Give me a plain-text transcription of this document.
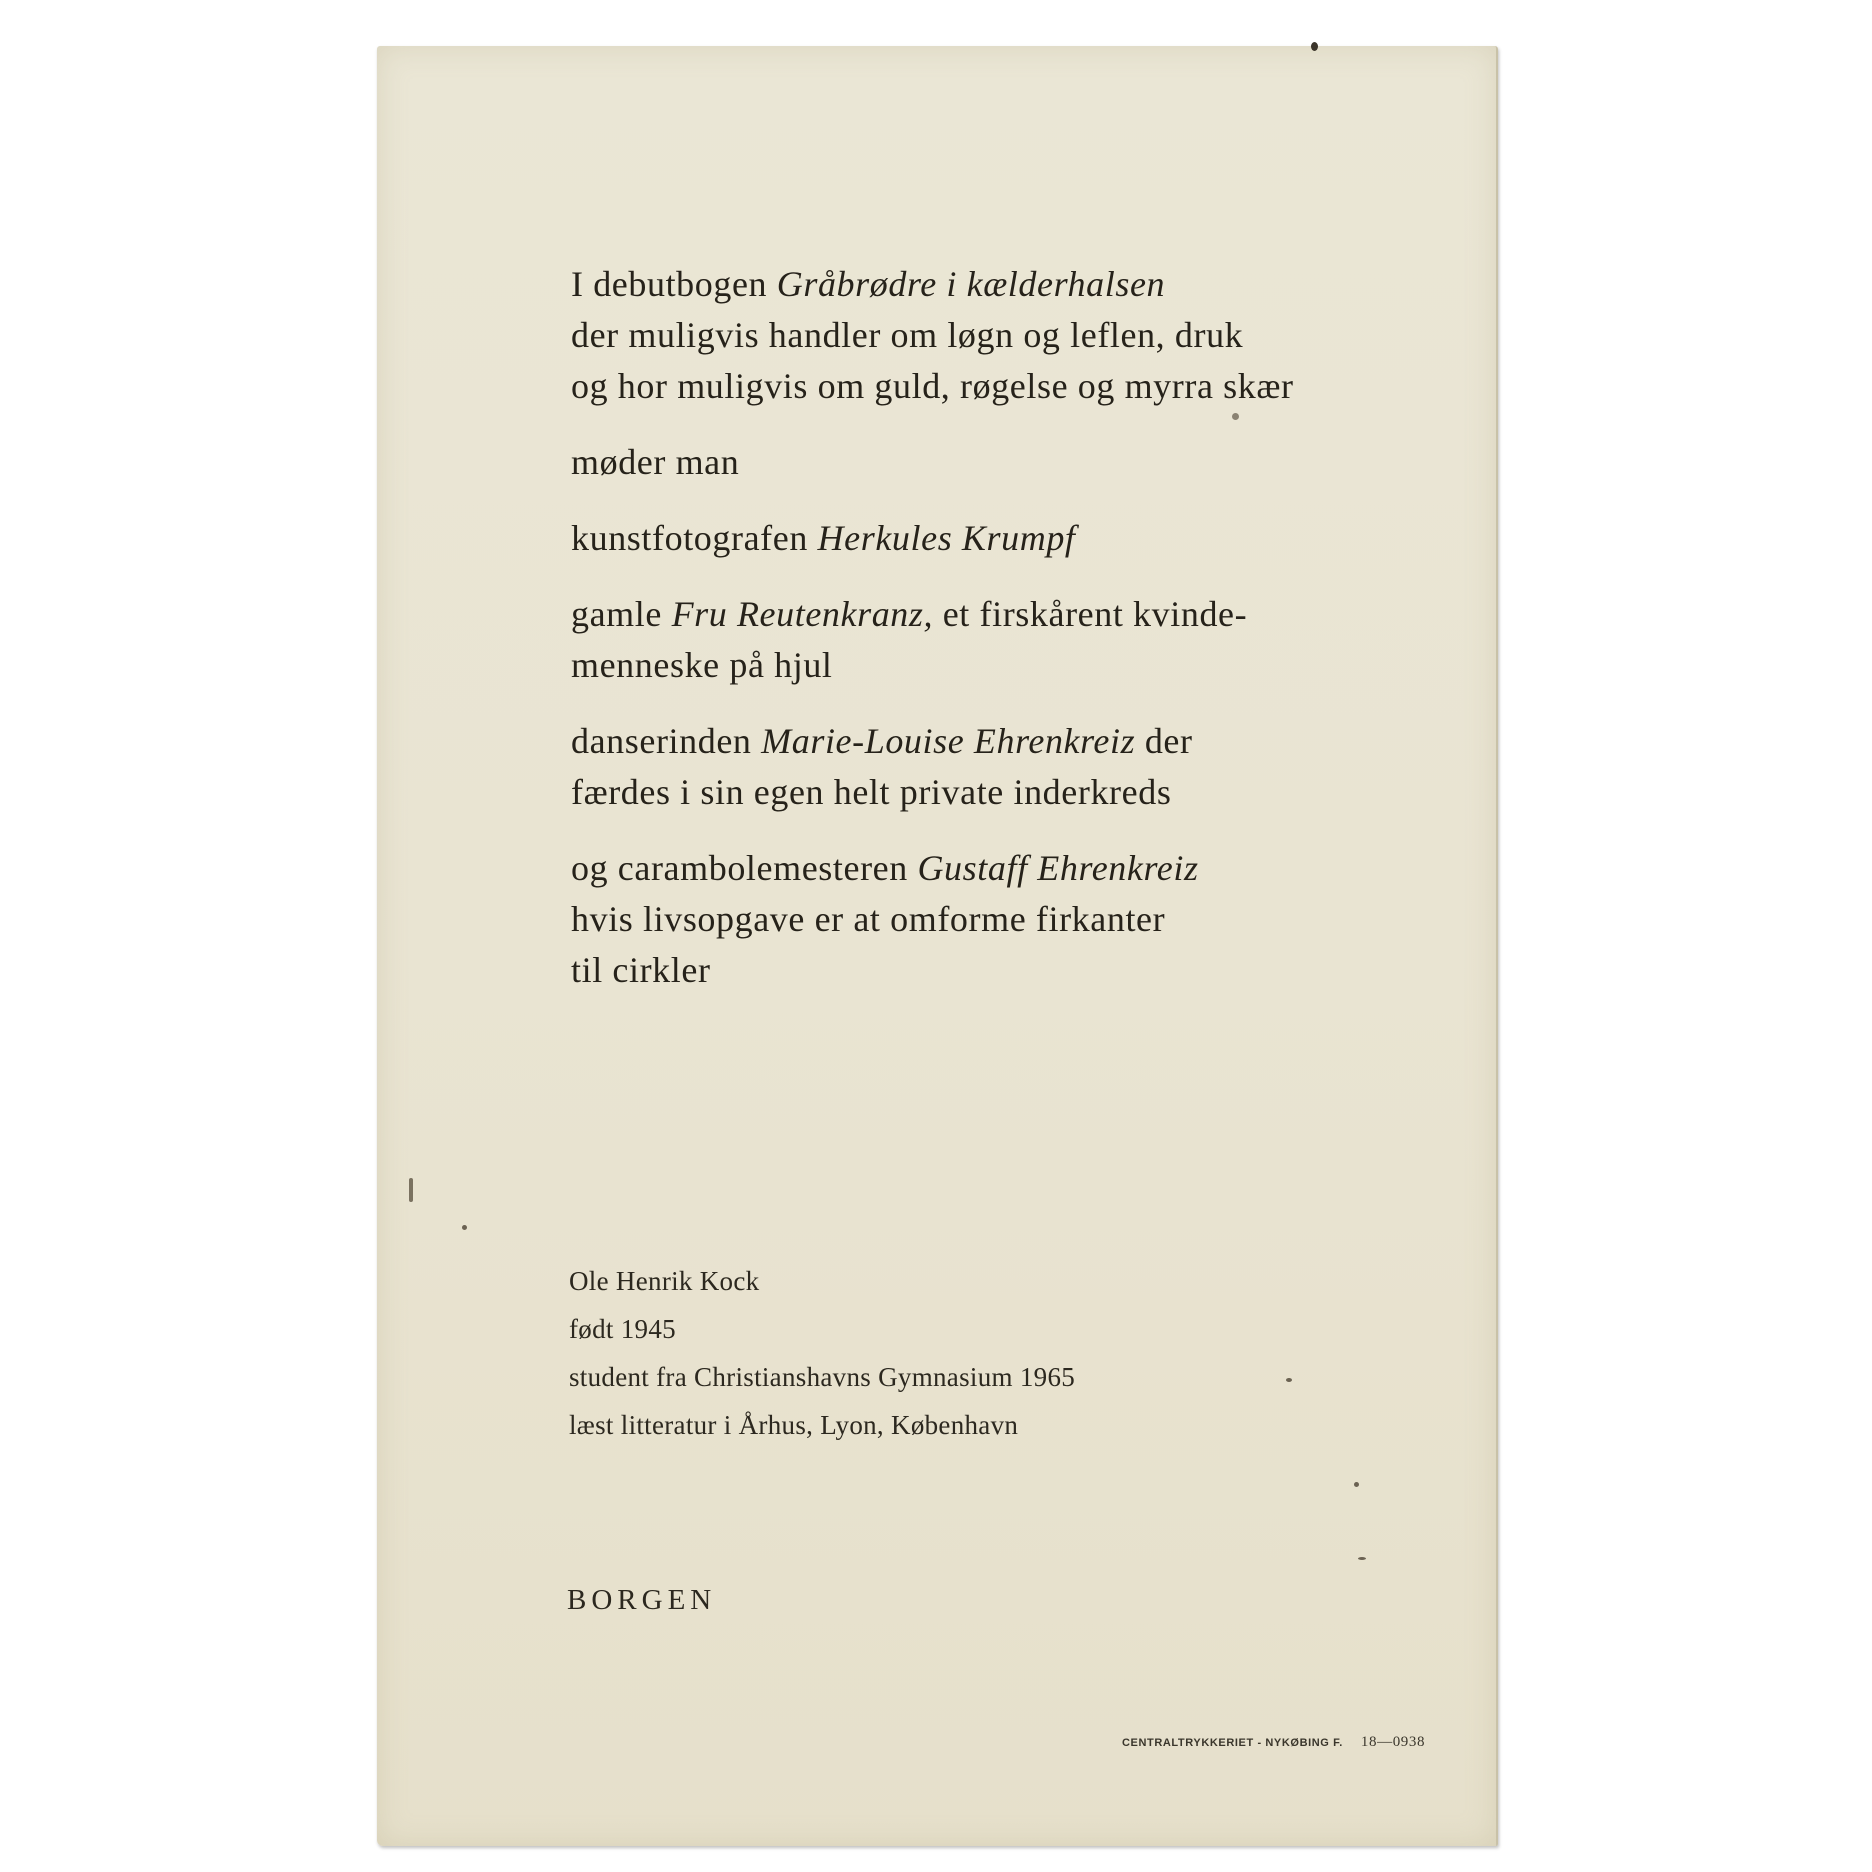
I debutbogen Gråbrødre i kælderhalsen
der muligvis handler om løgn og leflen, druk
og hor muligvis om guld, røgelse og myrra skær

møder man

kunstfotografen Herkules Krumpf

gamle Fru Reutenkranz, et firskårent kvinde-
menneske på hjul

danserinden Marie-Louise Ehrenkreiz der
færdes i sin egen helt private inderkreds

og carambolemesteren Gustaff Ehrenkreiz
hvis livsopgave er at omforme firkanter
til cirkler

Ole Henrik Kock
født 1945
student fra Christianshavns Gymnasium 1965
læst litteratur i Århus, Lyon, København
BORGEN
CENTRALTRYKKERIET - NYKØBING F. 18—0938
